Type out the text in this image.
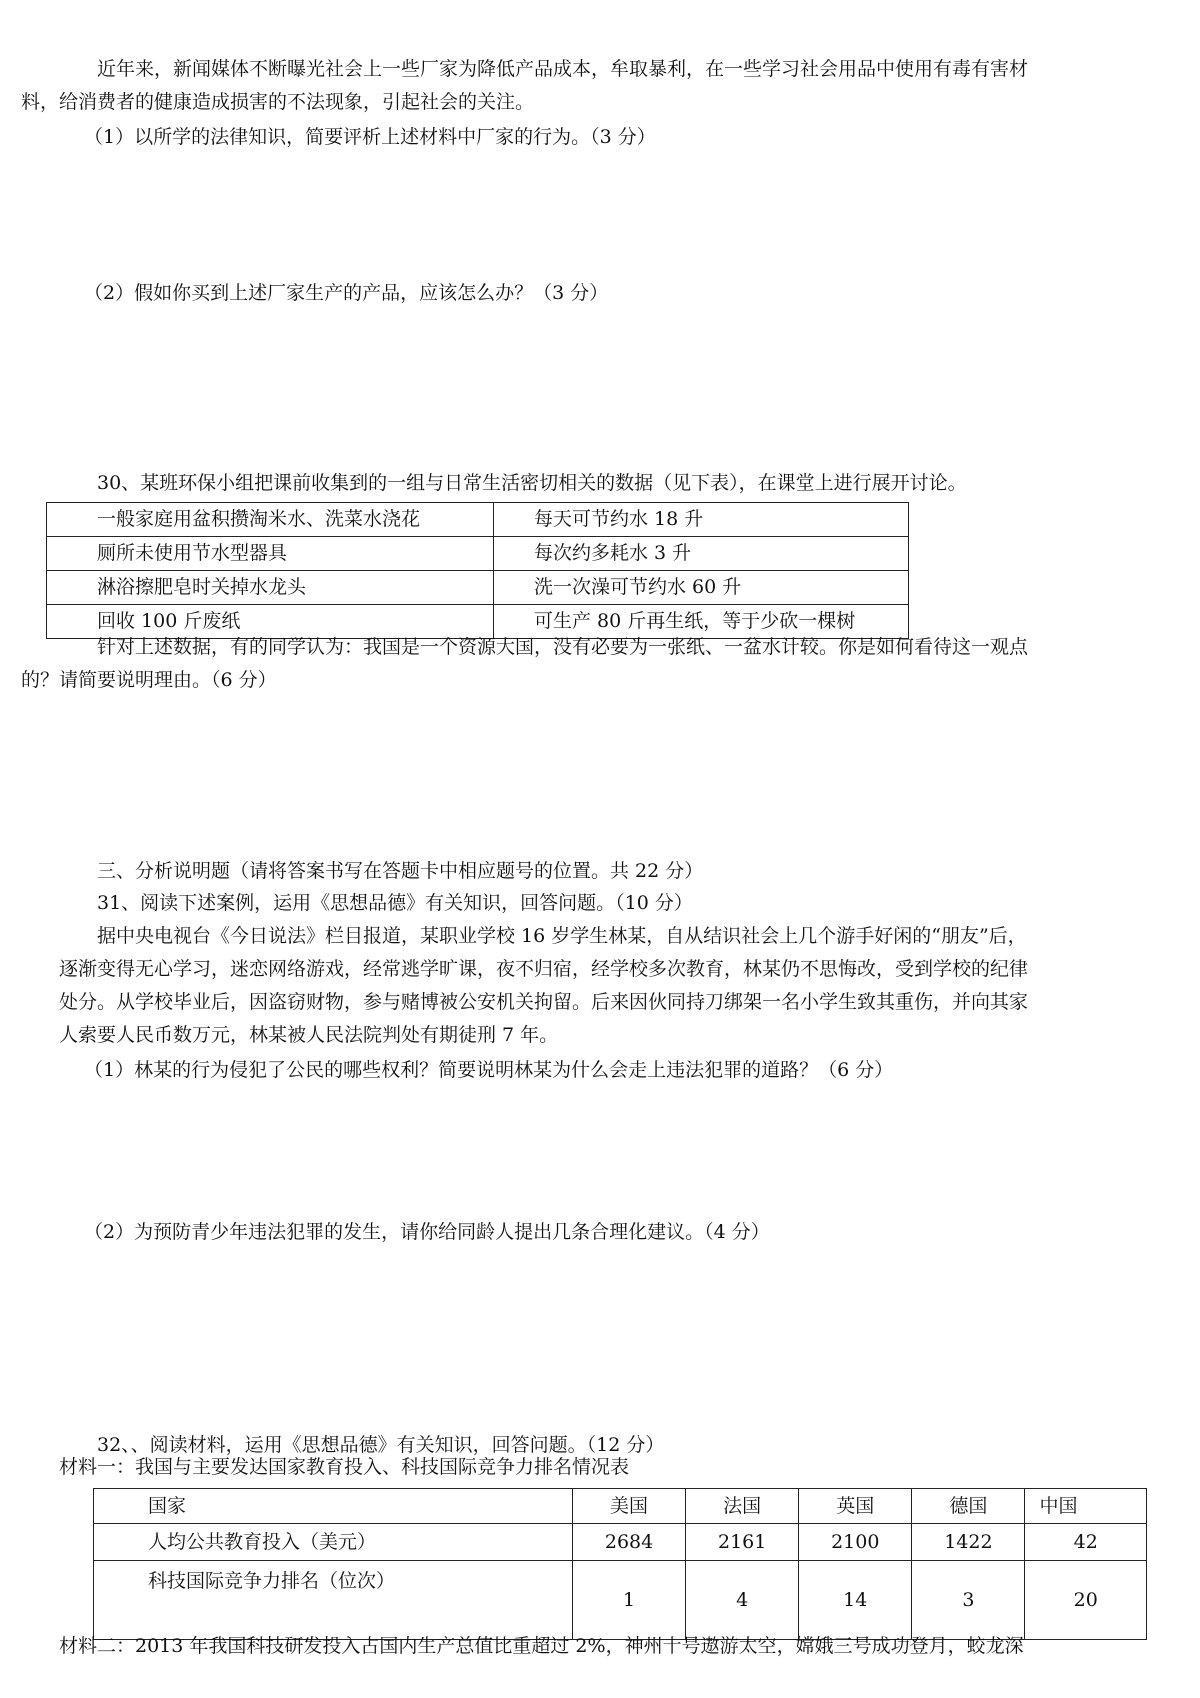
近年来，新闻媒体不断曝光社会上一些厂家为降低产品成本，牟取暴利，在一些学习社会用品中使用有毒有害材
料，给消费者的健康造成损害的不法现象，引起社会的关注。

（1）以所学的法律知识，简要评析上述材料中厂家的行为。（3 分）

（2）假如你买到上述厂家生产的产品，应该怎么办？（3 分）

30、某班环保小组把课前收集到的一组与日常生活密切相关的数据（见下表），在课堂上进行展开讨论。

一般家庭用盆积攒淘米水、洗菜水浇花	每天可节约水 18 升
厕所未使用节水型器具	每次约多耗水 3 升
淋浴擦肥皂时关掉水龙头	洗一次澡可节约水 60 升
回收 100 斤废纸	可生产 80 斤再生纸，等于少砍一棵树

针对上述数据，有的同学认为：我国是一个资源大国，没有必要为一张纸、一盆水计较。你是如何看待这一观点
的？请简要说明理由。（6 分）

三、分析说明题（请将答案书写在答题卡中相应题号的位置。共 22 分）

31、阅读下述案例，运用《思想品德》有关知识，回答问题。（10 分）

据中央电视台《今日说法》栏目报道，某职业学校 16 岁学生林某，自从结识社会上几个游手好闲的“朋友”后，
逐渐变得无心学习，迷恋网络游戏，经常逃学旷课，夜不归宿，经学校多次教育，林某仍不思悔改，受到学校的纪律
处分。从学校毕业后，因盗窃财物，参与赌博被公安机关拘留。后来因伙同持刀绑架一名小学生致其重伤，并向其家
人索要人民币数万元，林某被人民法院判处有期徒刑 7 年。

（1）林某的行为侵犯了公民的哪些权利？简要说明林某为什么会走上违法犯罪的道路？（6 分）

（2）为预防青少年违法犯罪的发生，请你给同龄人提出几条合理化建议。（4 分）

32、、阅读材料，运用《思想品德》有关知识，回答问题。（12 分）

材料一：我国与主要发达国家教育投入、科技国际竞争力排名情况表

国家	美国	法国	英国	德国	中国
人均公共教育投入（美元）	2684	2161	2100	1422	42
科技国际竞争力排名（位次）	1	4	14	3	20

材料二：2013 年我国科技研发投入占国内生产总值比重超过 2%，神州十号遨游太空，嫦娥三号成功登月，蛟龙深
